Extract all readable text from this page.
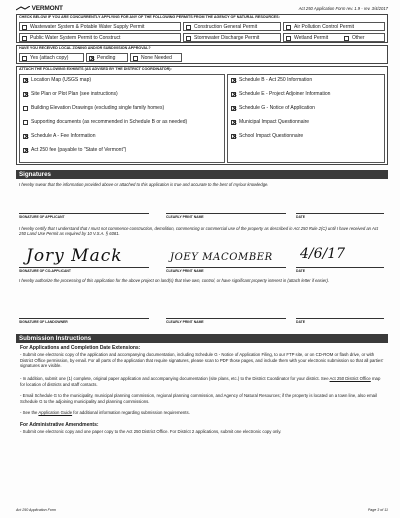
VERMONT	Act 250 Application Form rev. 1.9 - rev. 3/4/2017
CHECK BELOW IF YOU ARE CONCURRENTLY APPLYING FOR ANY OF THE FOLLOWING PERMITS FROM THE AGENCY OF NATURAL RESOURCES:
Wastewater System & Potable Water Supply Permit	Construction General Permit	Air Pollution Control Permit
Public Water System Permit to Construct	Stormwater Discharge Permit	Wetland Permit	Other
HAVE YOU RECEIVED LOCAL ZONING AND/OR SUBDIVISION APPROVAL?
Yes (attach copy)	Pending	None Needed
ATTACH THE FOLLOWING EXHIBITS (AS ADVISED BY THE DISTRICT COORDINATOR):
Location Map (USGS map)
Site Plan or Plot Plan (see instructions)
Building Elevation Drawings (excluding single family homes)
Supporting documents (as recommended in Schedule B or as needed)
Schedule A - Fee Information
Act 250 fee (payable to "State of Vermont")
Schedule B - Act 250 Information
Schedule E - Project Adjoiner Information
Schedule G - Notice of Application
Municipal Impact Questionnaire
School Impact Questionnaire
Signatures
I hereby swear that the information provided above or attached to this application is true and accurate to the best of my/our knowledge.
SIGNATURE OF APPLICANT	CLEARLY PRINT NAME	DATE
I hereby certify that I understand that I must not commence construction, demolition, commencing or commercial use of the property as described in Act 250 Rule 2(C) until I have received an Act 250 Land Use Permit as required by 10 V.S.A. § 6081.
Jory Mack	JOEY MACOMBER 4/6/17
SIGNATURE OF CO-APPLICANT	CLEARLY PRINT NAME	DATE
I hereby authorize the processing of this application for the above project on land(s) that I/we own, control, or have significant property interest in (attach letter if easier).
SIGNATURE OF LANDOWNER	CLEARLY PRINT NAME	DATE
Submission Instructions
For Applications and Completion Date Extensions:
- Submit one electronic copy of the application and accompanying documentation, including Schedule G - Notice of Application Filing, to our FTP site, or on CD-ROM or flash drive, or with District Office permission, by email. For all parts of the application that require signatures, please scan to PDF those pages, and include them with your electronic submission so that all parties' signatures are visible.
- In addition, submit one (1) complete, original paper application and accompanying documentation (site plans, etc.) to the District Coordinator for your district. See Act 250 District Office map for location of districts and staff contacts.
- Email Schedule G to the municipality, municipal planning commission, regional planning commission, and Agency of Natural Resources; if the property is located on a town line, also email Schedule G to the adjoining municipality and planning commissions.
- See the Application Guide for additional information regarding submission requirements.
For Administrative Amendments:
- Submit one electronic copy and one paper copy to the Act 250 District Office. For District 2 applications, submit one electronic copy only.
Act 250 Application Form	Page 3 of 11
